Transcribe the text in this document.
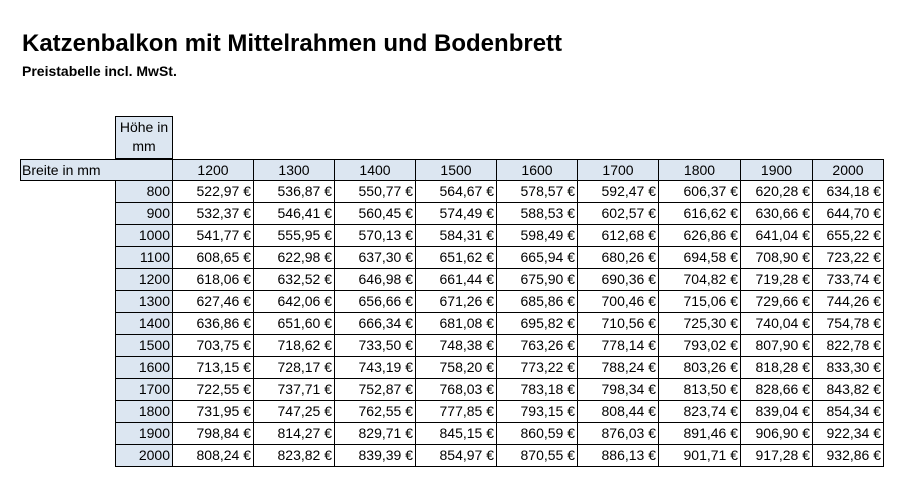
Katzenbalkon mit Mittelrahmen und Bodenbrett
Preistabelle incl. MwSt.
Höhe in mm
Breite in mm	1200	1300	1400	1500	1600	1700	1800	1900	2000
800	522,97 €	536,87 €	550,77 €	564,67 €	578,57 €	592,47 €	606,37 €	620,28 €	634,18 €
900	532,37 €	546,41 €	560,45 €	574,49 €	588,53 €	602,57 €	616,62 €	630,66 €	644,70 €
1000	541,77 €	555,95 €	570,13 €	584,31 €	598,49 €	612,68 €	626,86 €	641,04 €	655,22 €
1100	608,65 €	622,98 €	637,30 €	651,62 €	665,94 €	680,26 €	694,58 €	708,90 €	723,22 €
1200	618,06 €	632,52 €	646,98 €	661,44 €	675,90 €	690,36 €	704,82 €	719,28 €	733,74 €
1300	627,46 €	642,06 €	656,66 €	671,26 €	685,86 €	700,46 €	715,06 €	729,66 €	744,26 €
1400	636,86 €	651,60 €	666,34 €	681,08 €	695,82 €	710,56 €	725,30 €	740,04 €	754,78 €
1500	703,75 €	718,62 €	733,50 €	748,38 €	763,26 €	778,14 €	793,02 €	807,90 €	822,78 €
1600	713,15 €	728,17 €	743,19 €	758,20 €	773,22 €	788,24 €	803,26 €	818,28 €	833,30 €
1700	722,55 €	737,71 €	752,87 €	768,03 €	783,18 €	798,34 €	813,50 €	828,66 €	843,82 €
1800	731,95 €	747,25 €	762,55 €	777,85 €	793,15 €	808,44 €	823,74 €	839,04 €	854,34 €
1900	798,84 €	814,27 €	829,71 €	845,15 €	860,59 €	876,03 €	891,46 €	906,90 €	922,34 €
2000	808,24 €	823,82 €	839,39 €	854,97 €	870,55 €	886,13 €	901,71 €	917,28 €	932,86 €
